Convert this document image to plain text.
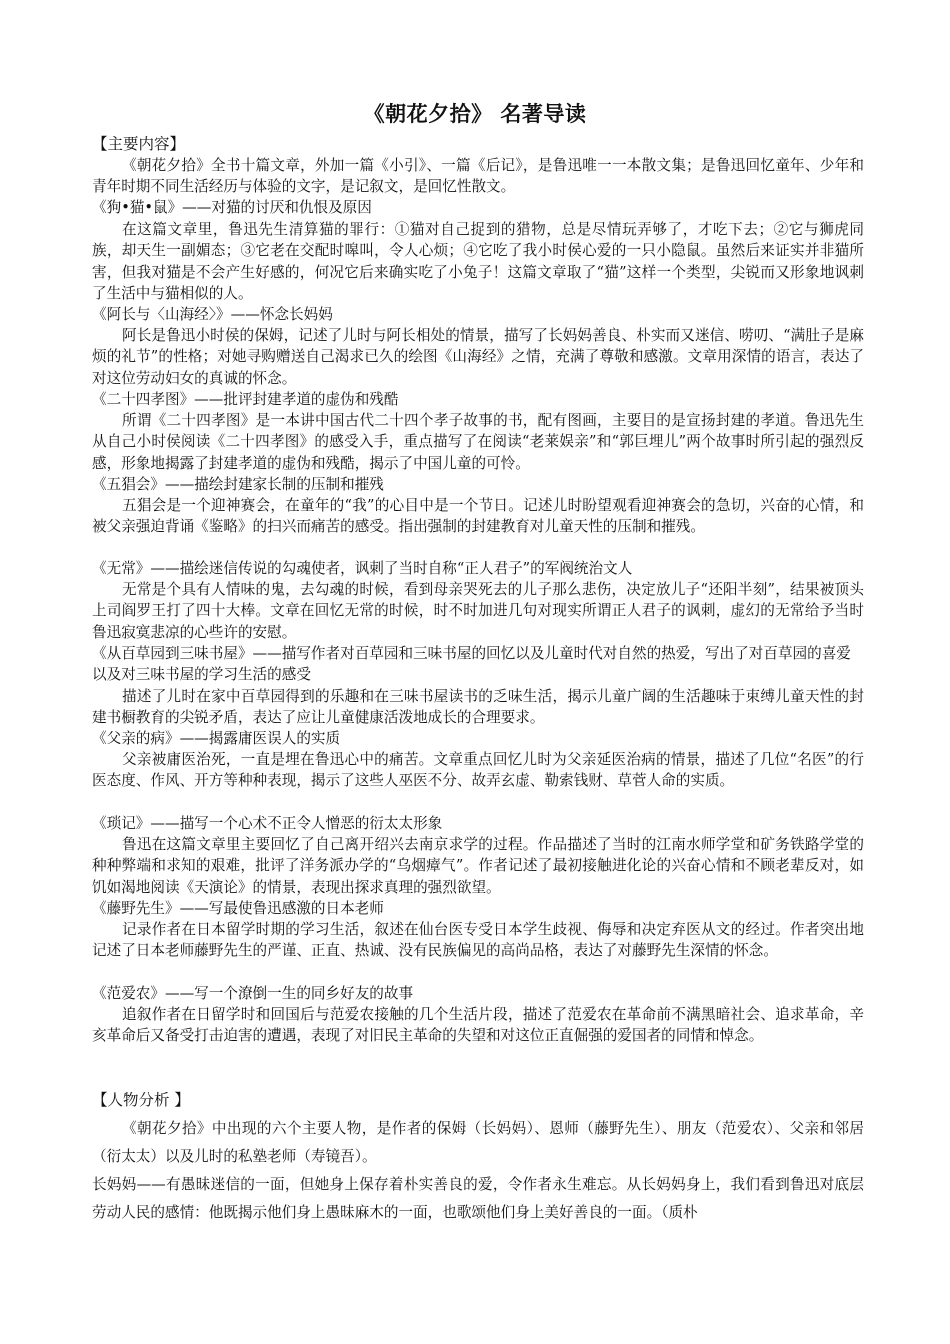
《朝花夕拾》 名著导读
【主要内容】
《朝花夕拾》全书十篇文章，外加一篇《小引》、一篇《后记》，是鲁迅唯一一本散文集；是鲁迅回忆童年、少年和青年时期不同生活经历与体验的文字，是记叙文，是回忆性散文。
《狗•猫•鼠》——对猫的讨厌和仇恨及原因
在这篇文章里，鲁迅先生清算猫的罪行：①猫对自己捉到的猎物，总是尽情玩弄够了，才吃下去；②它与狮虎同族，却天生一副媚态；③它老在交配时嗥叫，令人心烦；④它吃了我小时侯心爱的一只小隐鼠。虽然后来证实并非猫所害，但我对猫是不会产生好感的，何况它后来确实吃了小兔子！这篇文章取了“猫”这样一个类型，尖锐而又形象地讽刺了生活中与猫相似的人。
《阿长与〈山海经〉》——怀念长妈妈
阿长是鲁迅小时侯的保姆，记述了儿时与阿长相处的情景，描写了长妈妈善良、朴实而又迷信、唠叨、“满肚子是麻烦的礼节”的性格；对她寻购赠送自己渴求已久的绘图《山海经》之情，充满了尊敬和感激。文章用深情的语言，表达了对这位劳动妇女的真诚的怀念。
《二十四孝图》——批评封建孝道的虚伪和残酷
所谓《二十四孝图》是一本讲中国古代二十四个孝子故事的书，配有图画，主要目的是宣扬封建的孝道。鲁迅先生从自己小时侯阅读《二十四孝图》的感受入手，重点描写了在阅读“老莱娱亲”和“郭巨埋儿”两个故事时所引起的强烈反感，形象地揭露了封建孝道的虚伪和残酷，揭示了中国儿童的可怜。
《五猖会》——描绘封建家长制的压制和摧残
五猖会是一个迎神赛会，在童年的“我”的心目中是一个节日。记述儿时盼望观看迎神赛会的急切，兴奋的心情，和被父亲强迫背诵《鉴略》的扫兴而痛苦的感受。指出强制的封建教育对儿童天性的压制和摧残。
《无常》——描绘迷信传说的勾魂使者，讽刺了当时自称“正人君子”的军阀统治文人
无常是个具有人情味的鬼，去勾魂的时候，看到母亲哭死去的儿子那么悲伤，决定放儿子“还阳半刻”，结果被顶头上司阎罗王打了四十大棒。文章在回忆无常的时候，时不时加进几句对现实所谓正人君子的讽刺，虚幻的无常给予当时鲁迅寂寞悲凉的心些许的安慰。
《从百草园到三味书屋》——描写作者对百草园和三味书屋的回忆以及儿童时代对自然的热爱，写出了对百草园的喜爱以及对三味书屋的学习生活的感受
描述了儿时在家中百草园得到的乐趣和在三味书屋读书的乏味生活，揭示儿童广阔的生活趣味于束缚儿童天性的封建书橱教育的尖锐矛盾，表达了应让儿童健康活泼地成长的合理要求。
《父亲的病》——揭露庸医误人的实质
父亲被庸医治死，一直是埋在鲁迅心中的痛苦。文章重点回忆儿时为父亲延医治病的情景，描述了几位“名医”的行医态度、作风、开方等种种表现，揭示了这些人巫医不分、故弄玄虚、勒索钱财、草菅人命的实质。
《琐记》——描写一个心术不正令人憎恶的衍太太形象
鲁迅在这篇文章里主要回忆了自己离开绍兴去南京求学的过程。作品描述了当时的江南水师学堂和矿务铁路学堂的种种弊端和求知的艰难，批评了洋务派办学的“乌烟瘴气”。作者记述了最初接触进化论的兴奋心情和不顾老辈反对，如饥如渴地阅读《天演论》的情景，表现出探求真理的强烈欲望。
《藤野先生》——写最使鲁迅感激的日本老师
记录作者在日本留学时期的学习生活，叙述在仙台医专受日本学生歧视、侮辱和决定弃医从文的经过。作者突出地记述了日本老师藤野先生的严谨、正直、热诚、没有民族偏见的高尚品格，表达了对藤野先生深情的怀念。
《范爱农》——写一个潦倒一生的同乡好友的故事
追叙作者在日留学时和回国后与范爱农接触的几个生活片段，描述了范爱农在革命前不满黑暗社会、追求革命，辛亥革命后又备受打击迫害的遭遇，表现了对旧民主革命的失望和对这位正直倔强的爱国者的同情和悼念。
【人物分析 】
《朝花夕拾》中出现的六个主要人物，是作者的保姆（长妈妈）、恩师（藤野先生）、朋友（范爱农）、父亲和邻居（衍太太）以及儿时的私塾老师（寿镜吾）。
长妈妈——有愚昧迷信的一面，但她身上保存着朴实善良的爱，令作者永生难忘。从长妈妈身上，我们看到鲁迅对底层劳动人民的感情：他既揭示他们身上愚昧麻木的一面，也歌颂他们身上美好善良的一面。（质朴
